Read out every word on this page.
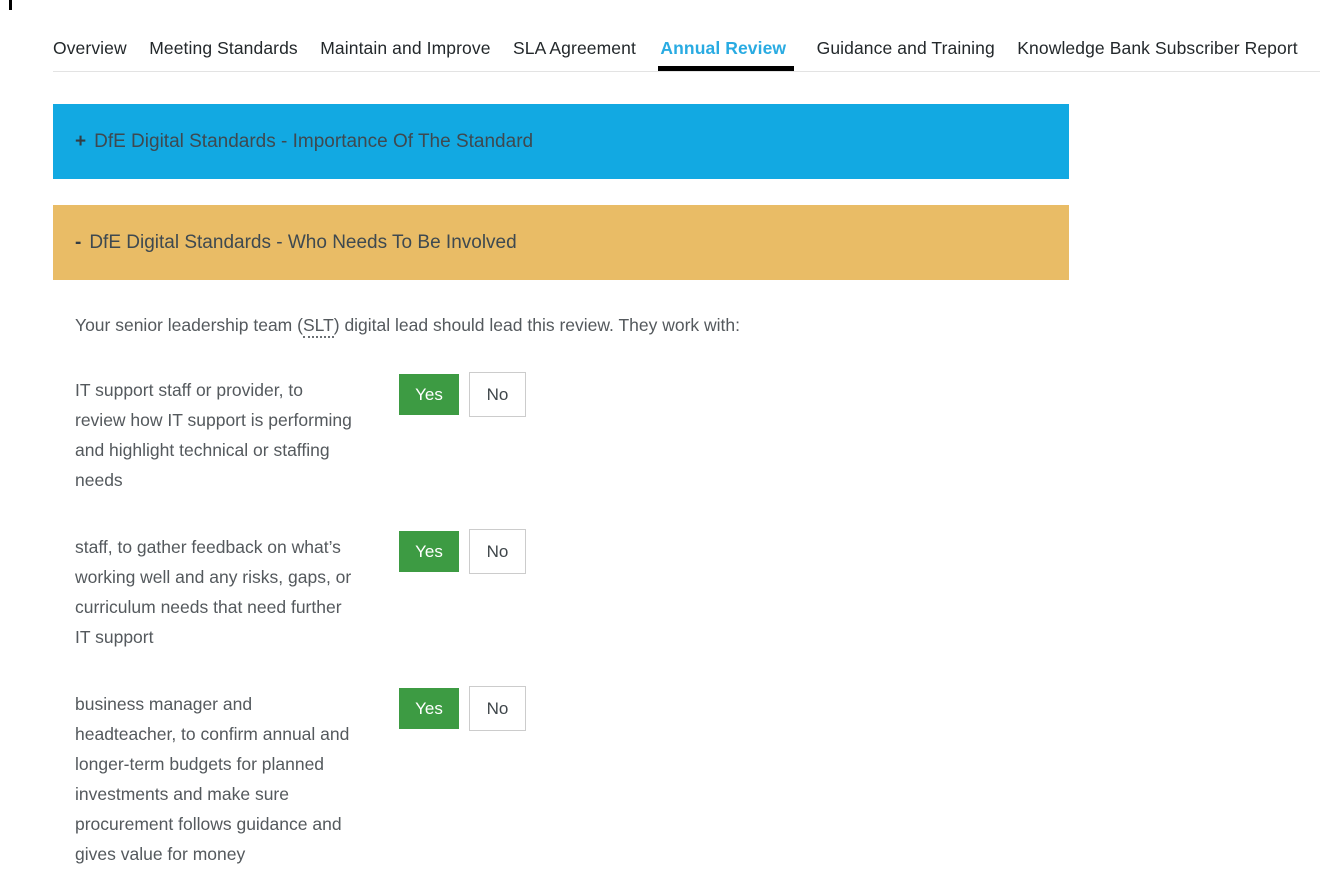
Overview Meeting Standards Maintain and Improve SLA Agreement Annual Review Guidance and Training Knowledge Bank Subscriber Report
+ DfE Digital Standards - Importance Of The Standard
- DfE Digital Standards - Who Needs To Be Involved

Your senior leadership team (SLT) digital lead should lead this review. They work with:

IT support staff or provider, to review how IT support is performing and highlight technical or staffing needs
Yes	No
staff, to gather feedback on what’s working well and any risks, gaps, or curriculum needs that need further IT support
Yes	No
business manager and headteacher, to confirm annual and longer-term budgets for planned investments and make sure procurement follows guidance and gives value for money
Yes	No
